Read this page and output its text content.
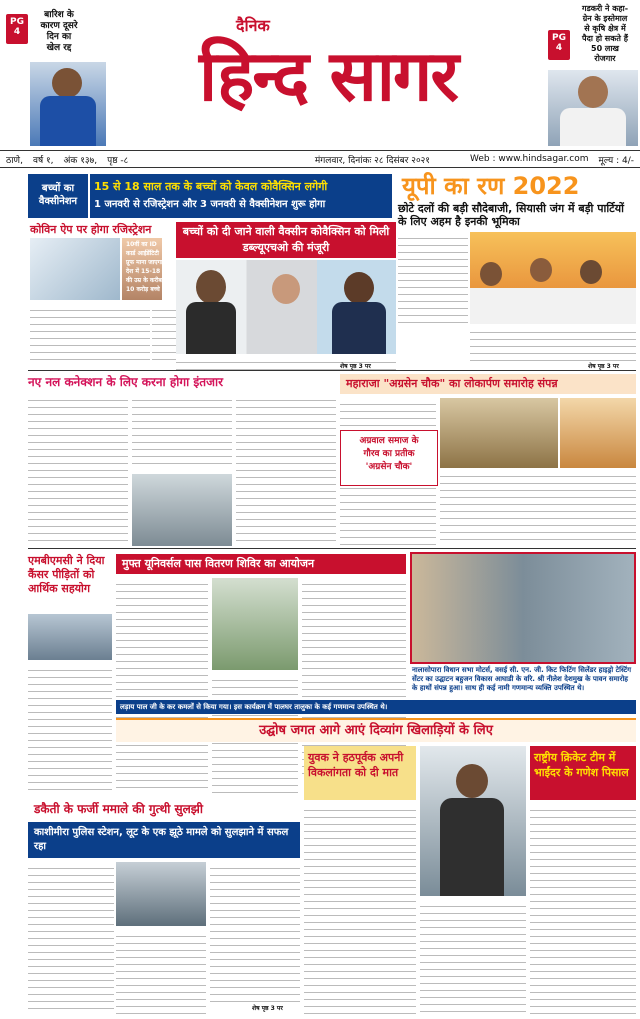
PG
4
बारिश के
कारण दूसरे
दिन का
खेल रद्द
दैनिक
हिन्द सागर	PG
4
गडकरी ने कहा-
ग्रेन के इस्तेमाल
से कृषि क्षेत्र में
पैदा हो सकते हैं
50 लाख
रोजगार
ठाणे, वर्ष १, अंक १३७, पृष्ठ -८	मंगलवार, दिनांकः २८ दिसंबर २०२१	Web : www.hindsagar.com मूल्य : 4/-
बच्चों का
वैक्सीनेशन
15 से 18 साल तक के बच्चों को केवल कोवैक्सिन लगेगी
1 जनवरी से रजिस्ट्रेशन और 3 जनवरी से वैक्सीनेशन शुरू होगा
कोविन ऐप पर होगा रजिस्ट्रेशन
10वीं का ID कार्ड आईडेंटिटी प्रूफ माना जाएगा। देश में 15-18 की उम्र के करीब 10 करोड़ बच्चे
बच्चों को दी जाने वाली वैक्सीन कोवैक्सिन को मिली डब्ल्यूएचओ की मंजूरी
शेष पृष्ठ 3 पर
यूपी का रण 2022
छोटे दलों की बड़ी सौदेबाजी, सियासी जंग में बड़ी पार्टियों के लिए अहम है इनकी भूमिका
शेष पृष्ठ 3 पर
नए नल कनेक्शन के लिए करना होगा इंतजार	महाराजा "अग्रसेन चौक" का लोकार्पण समारोह संपन्न
अग्रवाल समाज के
गौरव का प्रतीक
'अग्रसेन चौक'
एमबीएमसी ने दिया कैंसर पीड़ितों को आर्थिक सहयोग
मुफ्त यूनिवर्सल पास वितरण शिविर का आयोजन
नालासोपारा विधान सभा मोटर्स, वसई सी. एन. जी. किट फिटिंग सिलेंडर हाइड्रो टेस्टिंग सेंटर का उद्घाटन बहुजन विकास आघाडी के वरि. श्री नीलेश देशमुख के पावन समारोह के हाथों संपन्न हुआ। साथ ही कई नामी गणमान्य व्यक्ति उपस्थित थे।
लड़ाय पाल जी के कर कमलों से किया गया। इस कार्यक्रम में पालघर तालुका के कई गणमान्य उपस्थित थे।
उद्घोष जगत आगे आएं दिव्यांग खिलाड़ियों के लिए
युवक ने हठपूर्वक अपनी विकलांगता को दी मात
राष्ट्रीय क्रिकेट टीम में भाईंदर के गणेश पिसाल
डकैती के फर्जी ममाले की गुत्थी सुलझी
काशीमीरा पुलिस स्टेशन, लूट के एक झूठे मामले को सुलझाने में सफल रहा
शेष पृष्ठ 3 पर
